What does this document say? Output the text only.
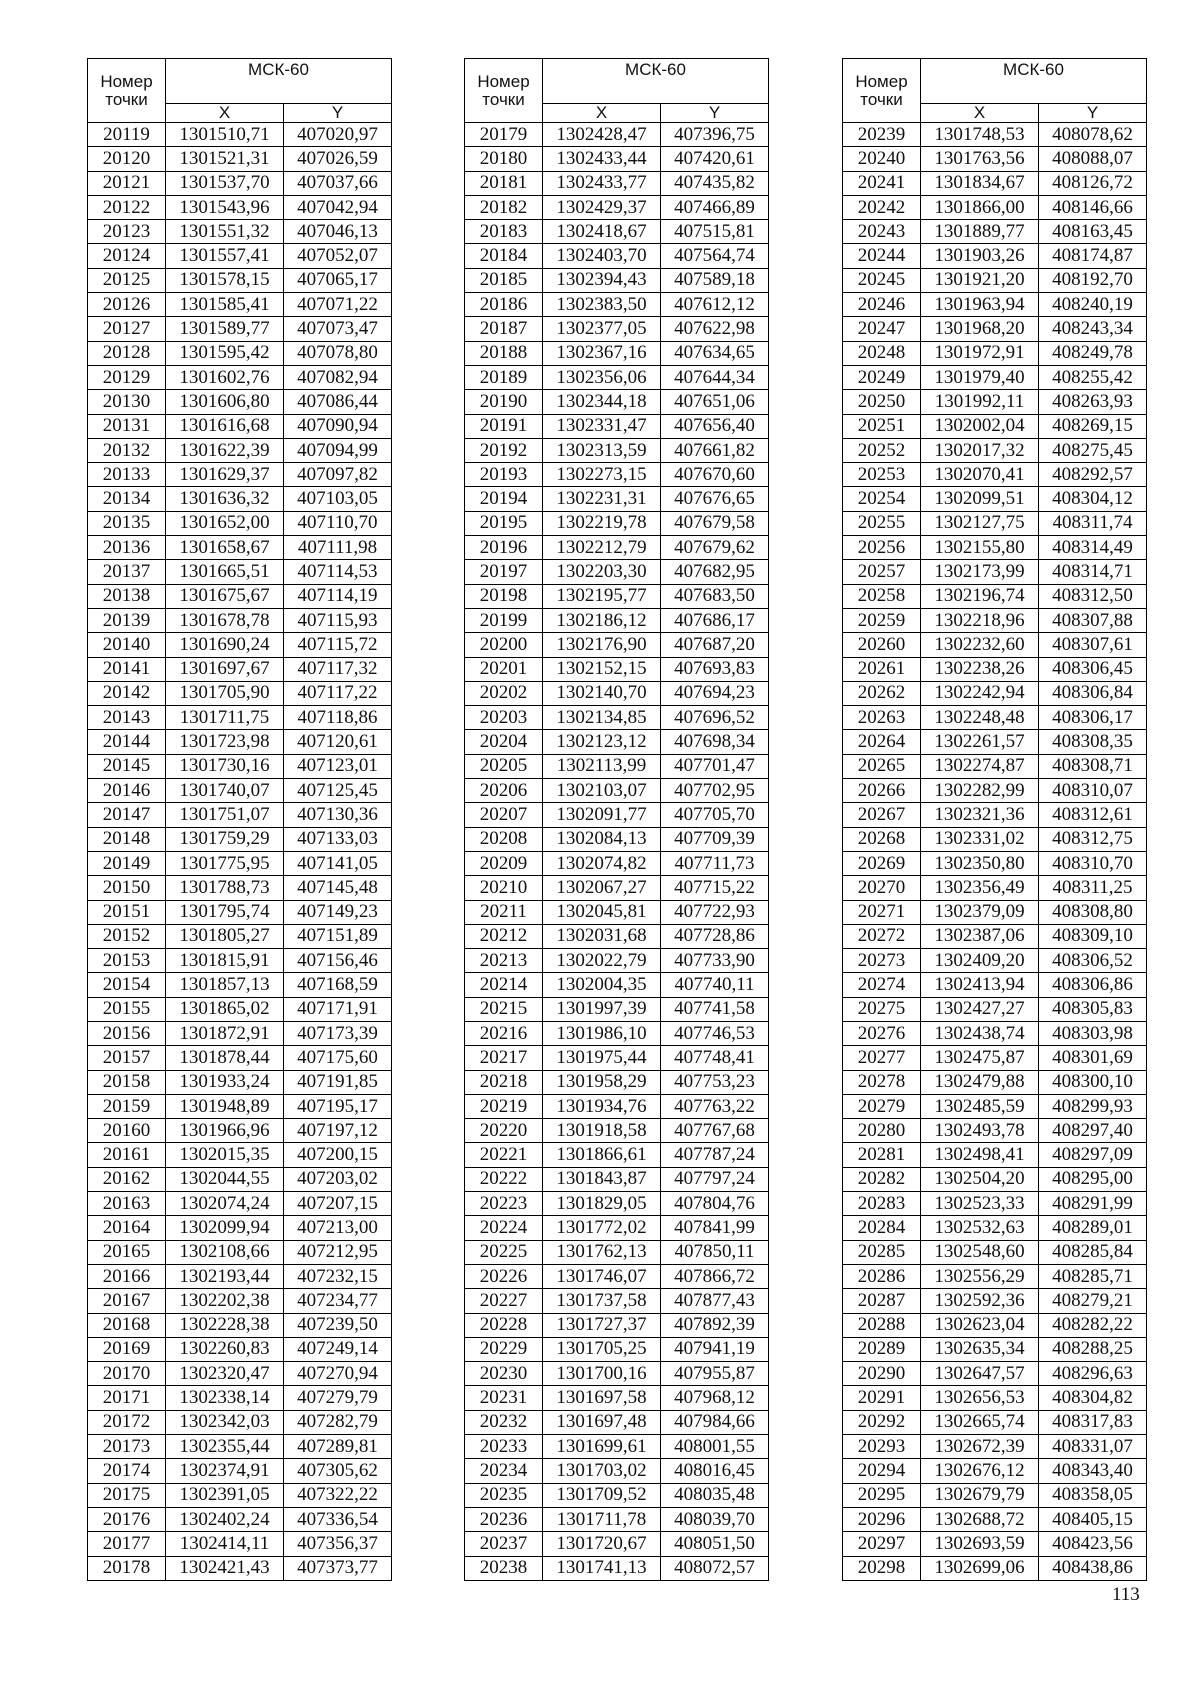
Номер
точки	МСК-60	
	X	Y
20119	1301510,71	407020,97
20120	1301521,31	407026,59
20121	1301537,70	407037,66
20122	1301543,96	407042,94
20123	1301551,32	407046,13
20124	1301557,41	407052,07
20125	1301578,15	407065,17
20126	1301585,41	407071,22
20127	1301589,77	407073,47
20128	1301595,42	407078,80
20129	1301602,76	407082,94
20130	1301606,80	407086,44
20131	1301616,68	407090,94
20132	1301622,39	407094,99
20133	1301629,37	407097,82
20134	1301636,32	407103,05
20135	1301652,00	407110,70
20136	1301658,67	407111,98
20137	1301665,51	407114,53
20138	1301675,67	407114,19
20139	1301678,78	407115,93
20140	1301690,24	407115,72
20141	1301697,67	407117,32
20142	1301705,90	407117,22
20143	1301711,75	407118,86
20144	1301723,98	407120,61
20145	1301730,16	407123,01
20146	1301740,07	407125,45
20147	1301751,07	407130,36
20148	1301759,29	407133,03
20149	1301775,95	407141,05
20150	1301788,73	407145,48
20151	1301795,74	407149,23
20152	1301805,27	407151,89
20153	1301815,91	407156,46
20154	1301857,13	407168,59
20155	1301865,02	407171,91
20156	1301872,91	407173,39
20157	1301878,44	407175,60
20158	1301933,24	407191,85
20159	1301948,89	407195,17
20160	1301966,96	407197,12
20161	1302015,35	407200,15
20162	1302044,55	407203,02
20163	1302074,24	407207,15
20164	1302099,94	407213,00
20165	1302108,66	407212,95
20166	1302193,44	407232,15
20167	1302202,38	407234,77
20168	1302228,38	407239,50
20169	1302260,83	407249,14
20170	1302320,47	407270,94
20171	1302338,14	407279,79
20172	1302342,03	407282,79
20173	1302355,44	407289,81
20174	1302374,91	407305,62
20175	1302391,05	407322,22
20176	1302402,24	407336,54
20177	1302414,11	407356,37
20178	1302421,43	407373,77
Номер
точки	МСК-60	
	X	Y
20179	1302428,47	407396,75
20180	1302433,44	407420,61
20181	1302433,77	407435,82
20182	1302429,37	407466,89
20183	1302418,67	407515,81
20184	1302403,70	407564,74
20185	1302394,43	407589,18
20186	1302383,50	407612,12
20187	1302377,05	407622,98
20188	1302367,16	407634,65
20189	1302356,06	407644,34
20190	1302344,18	407651,06
20191	1302331,47	407656,40
20192	1302313,59	407661,82
20193	1302273,15	407670,60
20194	1302231,31	407676,65
20195	1302219,78	407679,58
20196	1302212,79	407679,62
20197	1302203,30	407682,95
20198	1302195,77	407683,50
20199	1302186,12	407686,17
20200	1302176,90	407687,20
20201	1302152,15	407693,83
20202	1302140,70	407694,23
20203	1302134,85	407696,52
20204	1302123,12	407698,34
20205	1302113,99	407701,47
20206	1302103,07	407702,95
20207	1302091,77	407705,70
20208	1302084,13	407709,39
20209	1302074,82	407711,73
20210	1302067,27	407715,22
20211	1302045,81	407722,93
20212	1302031,68	407728,86
20213	1302022,79	407733,90
20214	1302004,35	407740,11
20215	1301997,39	407741,58
20216	1301986,10	407746,53
20217	1301975,44	407748,41
20218	1301958,29	407753,23
20219	1301934,76	407763,22
20220	1301918,58	407767,68
20221	1301866,61	407787,24
20222	1301843,87	407797,24
20223	1301829,05	407804,76
20224	1301772,02	407841,99
20225	1301762,13	407850,11
20226	1301746,07	407866,72
20227	1301737,58	407877,43
20228	1301727,37	407892,39
20229	1301705,25	407941,19
20230	1301700,16	407955,87
20231	1301697,58	407968,12
20232	1301697,48	407984,66
20233	1301699,61	408001,55
20234	1301703,02	408016,45
20235	1301709,52	408035,48
20236	1301711,78	408039,70
20237	1301720,67	408051,50
20238	1301741,13	408072,57
Номер
точки	МСК-60	
	X	Y
20239	1301748,53	408078,62
20240	1301763,56	408088,07
20241	1301834,67	408126,72
20242	1301866,00	408146,66
20243	1301889,77	408163,45
20244	1301903,26	408174,87
20245	1301921,20	408192,70
20246	1301963,94	408240,19
20247	1301968,20	408243,34
20248	1301972,91	408249,78
20249	1301979,40	408255,42
20250	1301992,11	408263,93
20251	1302002,04	408269,15
20252	1302017,32	408275,45
20253	1302070,41	408292,57
20254	1302099,51	408304,12
20255	1302127,75	408311,74
20256	1302155,80	408314,49
20257	1302173,99	408314,71
20258	1302196,74	408312,50
20259	1302218,96	408307,88
20260	1302232,60	408307,61
20261	1302238,26	408306,45
20262	1302242,94	408306,84
20263	1302248,48	408306,17
20264	1302261,57	408308,35
20265	1302274,87	408308,71
20266	1302282,99	408310,07
20267	1302321,36	408312,61
20268	1302331,02	408312,75
20269	1302350,80	408310,70
20270	1302356,49	408311,25
20271	1302379,09	408308,80
20272	1302387,06	408309,10
20273	1302409,20	408306,52
20274	1302413,94	408306,86
20275	1302427,27	408305,83
20276	1302438,74	408303,98
20277	1302475,87	408301,69
20278	1302479,88	408300,10
20279	1302485,59	408299,93
20280	1302493,78	408297,40
20281	1302498,41	408297,09
20282	1302504,20	408295,00
20283	1302523,33	408291,99
20284	1302532,63	408289,01
20285	1302548,60	408285,84
20286	1302556,29	408285,71
20287	1302592,36	408279,21
20288	1302623,04	408282,22
20289	1302635,34	408288,25
20290	1302647,57	408296,63
20291	1302656,53	408304,82
20292	1302665,74	408317,83
20293	1302672,39	408331,07
20294	1302676,12	408343,40
20295	1302679,79	408358,05
20296	1302688,72	408405,15
20297	1302693,59	408423,56
20298	1302699,06	408438,86
113
